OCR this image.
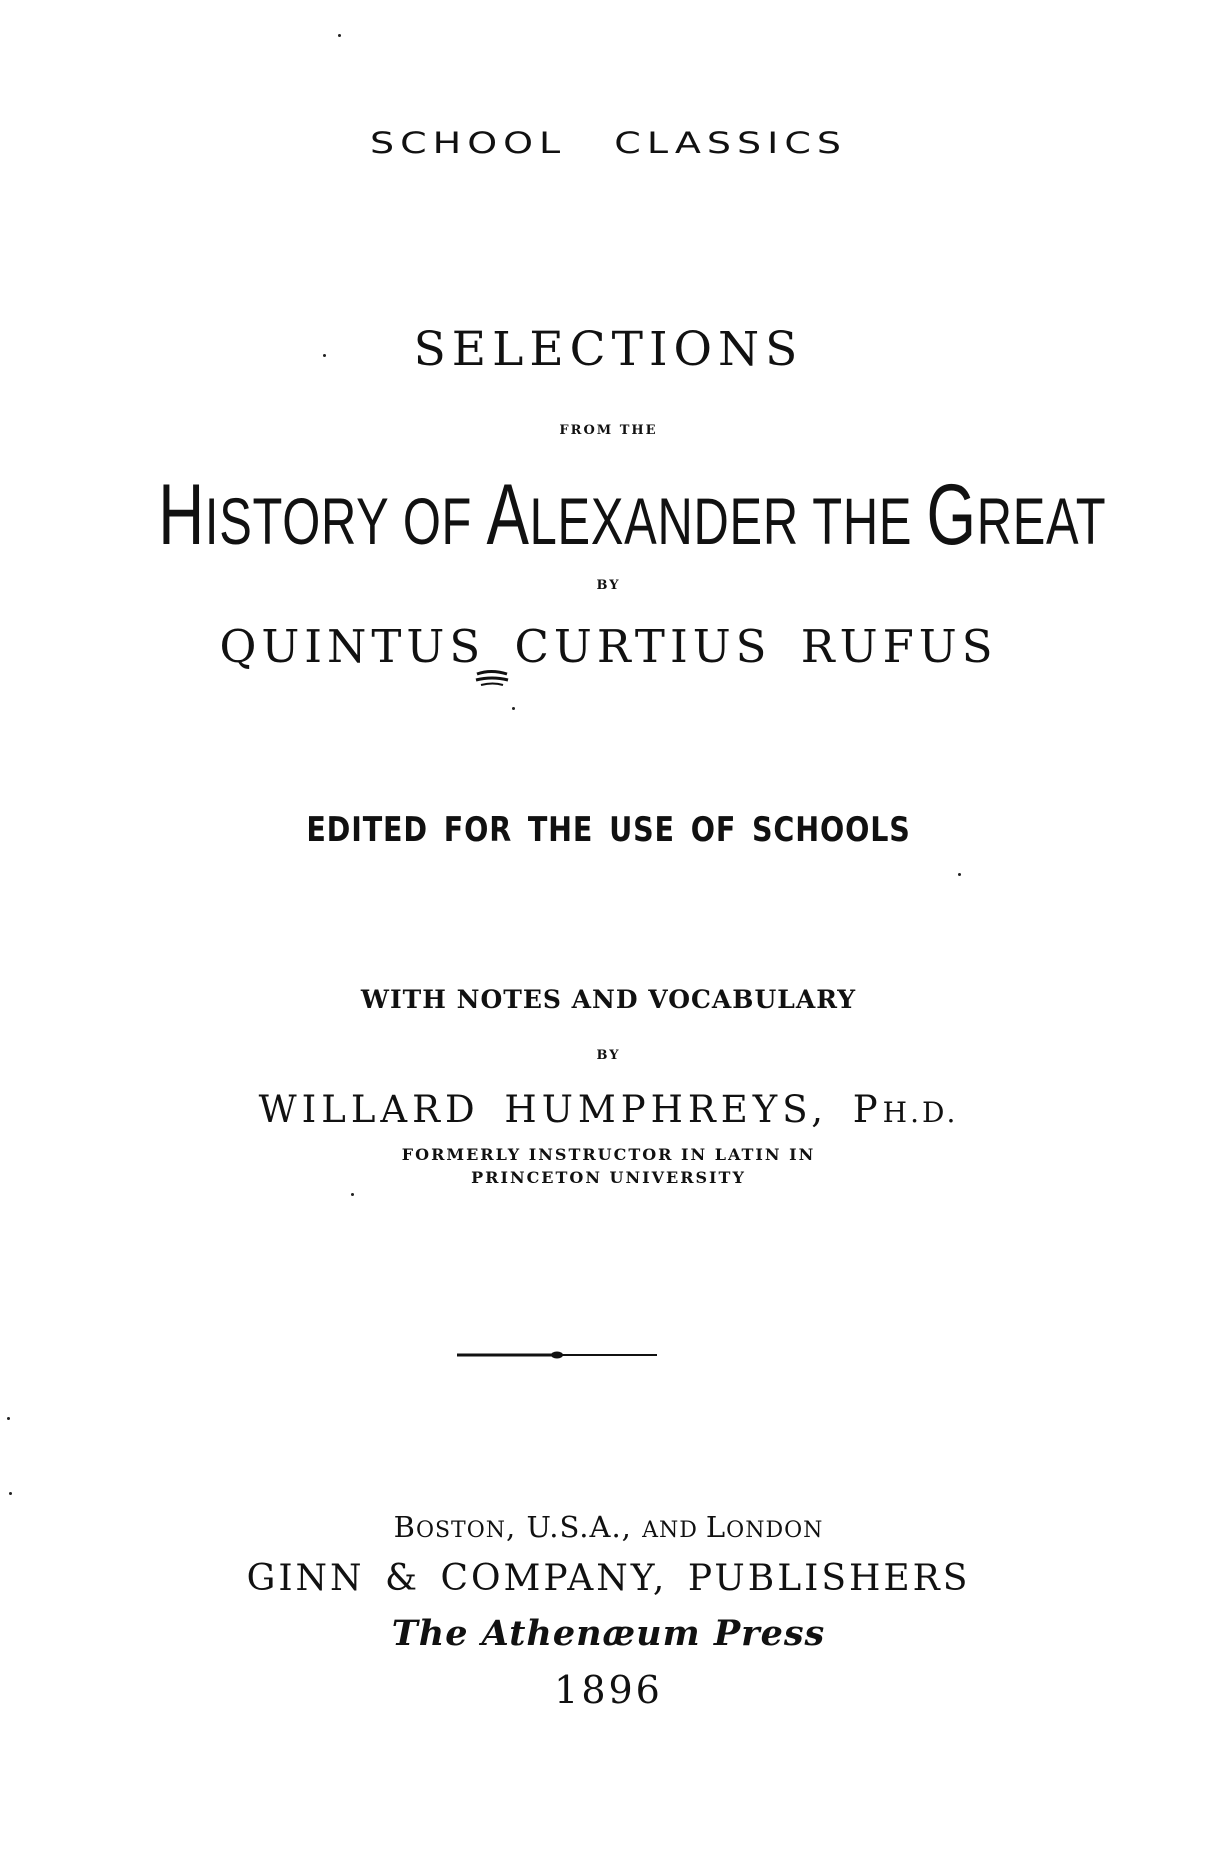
SCHOOL CLASSICS
SELECTIONS
FROM THE
HISTORY OF ALEXANDER THE GREAT
BY
QUINTUS CURTIUS RUFUS
EDITED FOR THE USE OF SCHOOLS
WITH NOTES AND VOCABULARY
BY
WILLARD HUMPHREYS, PH.D.
FORMERLY INSTRUCTOR IN LATIN IN
PRINCETON UNIVERSITY
BOSTON, U.S.A., AND LONDON
GINN & COMPANY, PUBLISHERS
The Athenæum Press
1896
